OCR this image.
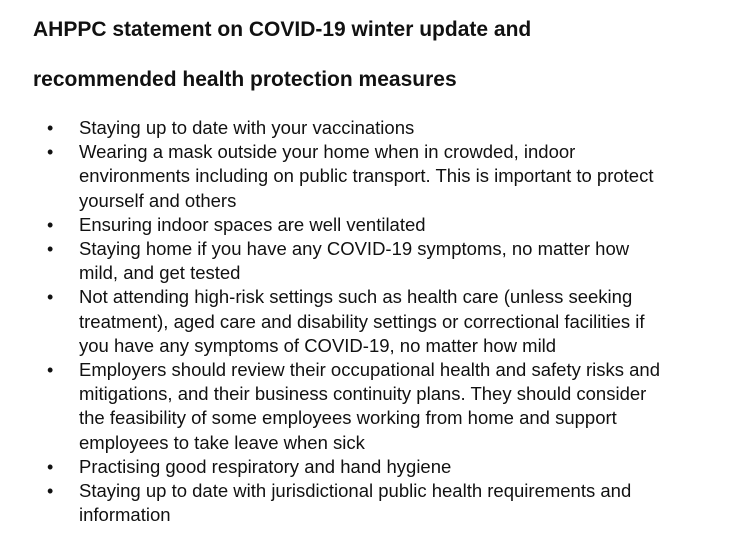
AHPPC statement on COVID-19 winter update and
recommended health protection measures
• Staying up to date with your vaccinations
• Wearing a mask outside your home when in crowded, indoor
environments including on public transport. This is important to protect
yourself and others
• Ensuring indoor spaces are well ventilated
• Staying home if you have any COVID-19 symptoms, no matter how
mild, and get tested
• Not attending high-risk settings such as health care (unless seeking
treatment), aged care and disability settings or correctional facilities if
you have any symptoms of COVID-19, no matter how mild
• Employers should review their occupational health and safety risks and
mitigations, and their business continuity plans. They should consider
the feasibility of some employees working from home and support
employees to take leave when sick
• Practising good respiratory and hand hygiene
• Staying up to date with jurisdictional public health requirements and
information
